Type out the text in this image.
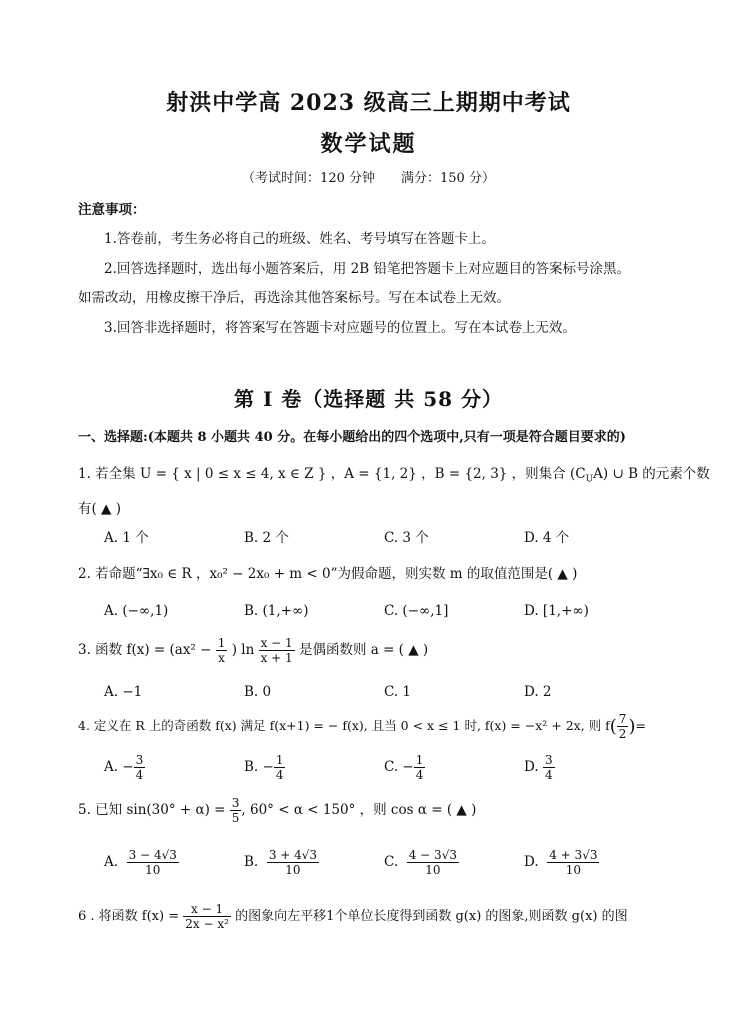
射洪中学高 2023 级高三上期期中考试
数学试题
（考试时间：120 分钟　　满分：150 分）
注意事项：
1.答卷前，考生务必将自己的班级、姓名、考号填写在答题卡上。
2.回答选择题时，选出每小题答案后，用 2B 铅笔把答题卡上对应题目的答案标号涂黑。
如需改动，用橡皮擦干净后，再选涂其他答案标号。写在本试卷上无效。
3.回答非选择题时，将答案写在答题卡对应题号的位置上。写在本试卷上无效。
第 I 卷（选择题 共 58 分）
一、选择题:(本题共 8 小题共 40 分。在每小题给出的四个选项中,只有一项是符合题目要求的)
1. 若全集 U = { x | 0 ≤ x ≤ 4, x ∈ Z } ，A = {1, 2} ，B = {2, 3} ，则集合 $(C_UA)$ ∪ B 的元素个数
有( ▲ )
A. 1 个	B. 2 个	C. 3 个	D. 4 个
2. 若命题“∃x₀ ∈ R ，x₀² − 2x₀ + m < 0”为假命题，则实数 m 的取值范围是( ▲ )
A. (−∞,1)	B. (1,+∞)	C. (−∞,1]	D. [1,+∞)
3. 函数 $f(x) = (ax^2 - \frac{1}{x}$ ) $\ln \frac{x - 1}{x + 1}$ 是偶函数则 a = ( ▲ )
A. −1	B. 0	C. 1	D. 2
4. 定义在 R 上的奇函数 f(x) 满足 f(x+1) = − f(x), 且当 0 < x ≤ 1 时, f(x) = −x² + 2x, 则 $f( \frac{7}{2}$ )=
A. − $\frac{3}{4}$	B. − $\frac{1}{4}$	C. − $\frac{1}{4}$	D. $\frac{3}{4}$
5. 已知 $\sin(30^\circ + \alpha) = \frac{3}{5}$ , 60° < α < 150° ，则 cos α = ( ▲ )
A. $\frac{3 - 4√3}{10}$	B. $\frac{3 + 4√3}{10}$	C. $\frac{4 - 3√3}{10}$	D. $\frac{4 + 3√3}{10}$
6 . 将函数 $f(x) = \frac{x - 1}{\text{2x − x²}}$ 的图象向左平移1个单位长度得到函数 g(x) 的图象,则函数 g(x) 的图
